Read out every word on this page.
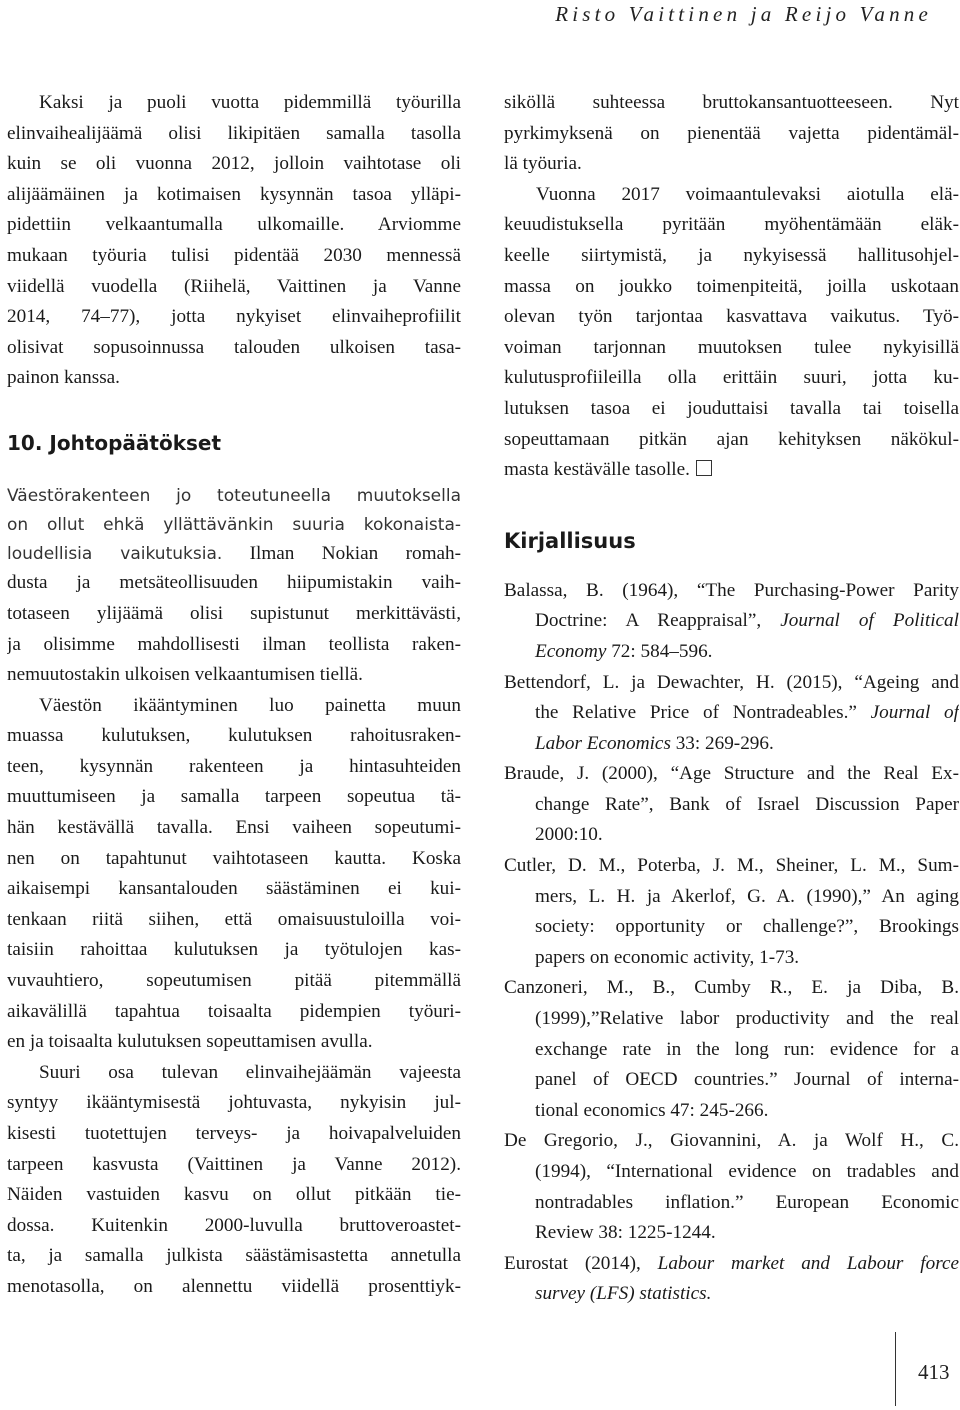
Risto Vaittinen ja Reijo Vanne
Kaksi ja puoli vuotta pidemmillä työurilla
elinvaihealijäämä olisi likipitäen samalla tasolla
kuin se oli vuonna 2012, jolloin vaihtotase oli
alijäämäinen ja kotimaisen kysynnän tasoa ylläpi-
pidettiin velkaantumalla ulkomaille. Arviomme
mukaan työuria tulisi pidentää 2030 mennessä
viidellä vuodella (Riihelä, Vaittinen ja Vanne
2014, 74–77), jotta nykyiset elinvaiheprofiilit
olisivat sopusoinnussa talouden ulkoisen tasa-
painon kanssa.
10. Johtopäätökset
Väestörakenteen jo toteutuneella muutoksella
on ollut ehkä yllättävänkin suuria kokonaista-
loudellisia vaikutuksia. Ilman Nokian romah-
dusta ja metsäteollisuuden hiipumistakin vaih-
totaseen ylijäämä olisi supistunut merkittävästi,
ja olisimme mahdollisesti ilman teollista raken-
nemuutostakin ulkoisen velkaantumisen tiellä.
Väestön ikääntyminen luo painetta muun
muassa kulutuksen, kulutuksen rahoitusraken-
teen, kysynnän rakenteen ja hintasuhteiden
muuttumiseen ja samalla tarpeen sopeutua tä-
hän kestävällä tavalla. Ensi vaiheen sopeutumi-
nen on tapahtunut vaihtotaseen kautta. Koska
aikaisempi kansantalouden säästäminen ei kui-
tenkaan riitä siihen, että omaisuustuloilla voi-
taisiin rahoittaa kulutuksen ja työtulojen kas-
vuvauhtiero, sopeutumisen pitää pitemmällä
aikavälillä tapahtua toisaalta pidempien työuri-
en ja toisaalta kulutuksen sopeuttamisen avulla.
Suuri osa tulevan elinvaihejäämän vajeesta
syntyy ikääntymisestä johtuvasta, nykyisin jul-
kisesti tuotettujen terveys- ja hoivapalveluiden
tarpeen kasvusta (Vaittinen ja Vanne 2012).
Näiden vastuiden kasvu on ollut pitkään tie-
dossa. Kuitenkin 2000-luvulla bruttoveroastet-
ta, ja samalla julkista säästämisastetta annetulla
menotasolla, on alennettu viidellä prosenttiyk-
siköllä suhteessa bruttokansantuotteeseen. Nyt
pyrkimyksenä on pienentää vajetta pidentämäl-
lä työuria.
Vuonna 2017 voimaantulevaksi aiotulla elä-
keuudistuksella pyritään myöhentämään eläk-
keelle siirtymistä, ja nykyisessä hallitusohjel-
massa on joukko toimenpiteitä, joilla uskotaan
olevan työn tarjontaa kasvattava vaikutus. Työ-
voiman tarjonnan muutoksen tulee nykyisillä
kulutusprofiileilla olla erittäin suuri, jotta ku-
lutuksen tasoa ei jouduttaisi tavalla tai toisella
sopeuttamaan pitkän ajan kehityksen näkökul-
masta kestävälle tasolle.
Kirjallisuus
Balassa, B. (1964), “The Purchasing-Power Parity
Doctrine: A Reappraisal”, Journal of Political
Economy 72: 584–596.
Bettendorf, L. ja Dewachter, H. (2015), “Ageing and
the Relative Price of Nontradeables.” Journal of
Labor Economics 33: 269-296.
Braude, J. (2000), “Age Structure and the Real Ex-
change Rate”, Bank of Israel Discussion Paper
2000:10.
Cutler, D. M., Poterba, J. M., Sheiner, L. M., Sum-
mers, L. H. ja Akerlof, G. A. (1990),” An aging
society: opportunity or challenge?”, Brookings
papers on economic activity, 1-73.
Canzoneri, M., B., Cumby R., E. ja Diba, B.
(1999),”Relative labor productivity and the real
exchange rate in the long run: evidence for a
panel of OECD countries.” Journal of interna-
tional economics 47: 245-266.
De Gregorio, J., Giovannini, A. ja Wolf H., C.
(1994), “International evidence on tradables and
nontradables inflation.” European Economic
Review 38: 1225-1244.
Eurostat (2014), Labour market and Labour force
survey (LFS) statistics.
413
